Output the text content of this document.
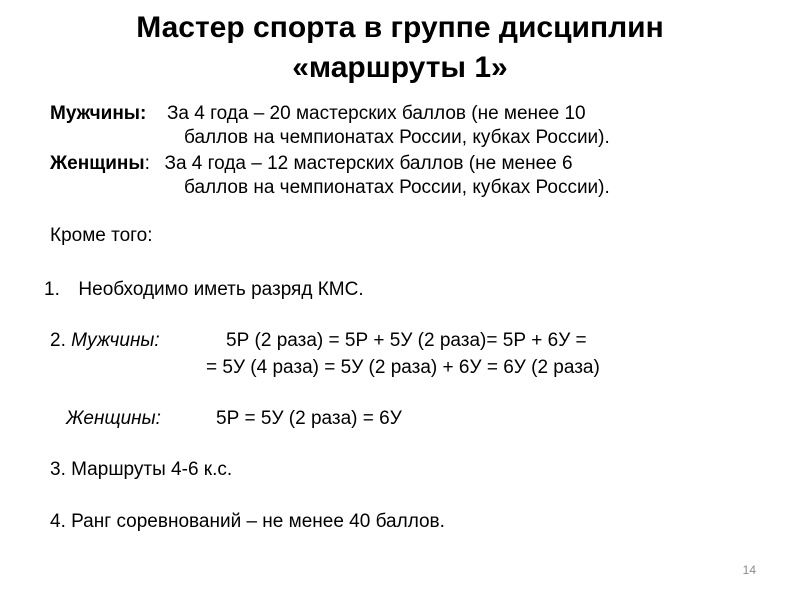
Мастер спорта в группе дисциплин
«маршруты 1»
Мужчины: За 4 года – 20 мастерских баллов (не менее 10
баллов на чемпионатах России, кубках России).
Женщины: За 4 года – 12 мастерских баллов (не менее 6
баллов на чемпионатах России, кубках России).
Кроме того:
1. Необходимо иметь разряд КМС.
2. Мужчины:	5Р (2 раза) = 5Р + 5У (2 раза)= 5Р + 6У =
= 5У (4 раза) = 5У (2 раза) + 6У = 6У (2 раза)
Женщины:	5Р = 5У (2 раза) = 6У
3. Маршруты 4-6 к.с.
4. Ранг соревнований – не менее 40 баллов.
14
